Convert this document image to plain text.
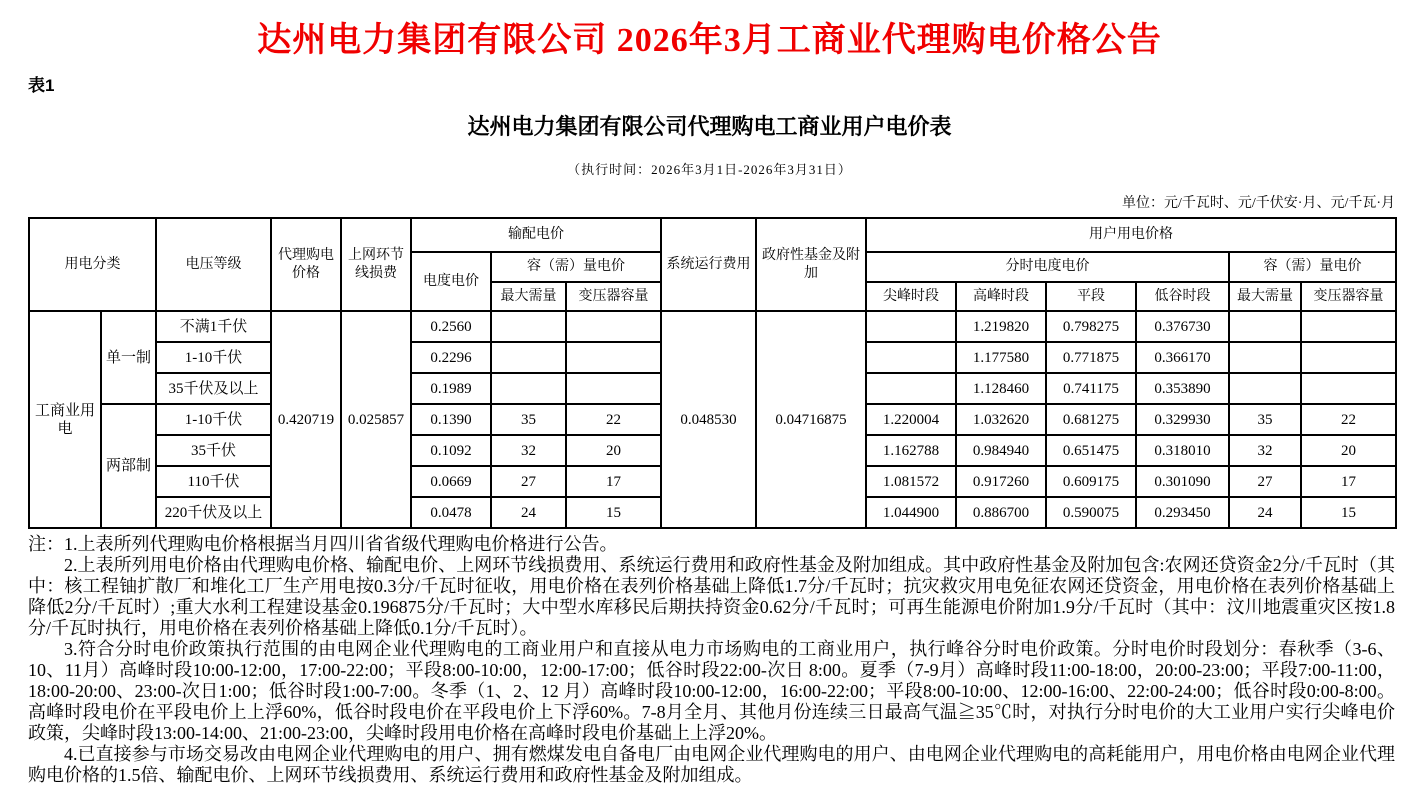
达州电力集团有限公司 2026年3月工商业代理购电价格公告
表1
达州电力集团有限公司代理购电工商业用户电价表
（执行时间：2026年3月1日-2026年3月31日）
单位：元/千瓦时、元/千伏安·月、元/千瓦·月
用电分类		电压等级	代理购电价格	上网环节线损费	输配电价			系统运行费用	政府性基金及附加	用户用电价格					
					电度电价	容（需）量电价				分时电度电价				容（需）量电价	
						最大需量	变压器容量			尖峰时段	高峰时段	平段	低谷时段	最大需量	变压器容量
工商业用电	单一制	不满1千伏	0.420719	0.025857	0.2560			0.048530	0.04716875		1.219820	0.798275	0.376730		
		1-10千伏			0.2296						1.177580	0.771875	0.366170		
		35千伏及以上			0.1989						1.128460	0.741175	0.353890		
	两部制	1-10千伏			0.1390	35	22			1.220004	1.032620	0.681275	0.329930	35	22
		35千伏			0.1092	32	20			1.162788	0.984940	0.651475	0.318010	32	20
		110千伏			0.0669	27	17			1.081572	0.917260	0.609175	0.301090	27	17
		220千伏及以上			0.0478	24	15			1.044900	0.886700	0.590075	0.293450	24	15

注：1.上表所列代理购电价格根据当月四川省省级代理购电价格进行公告。

2.上表所列用电价格由代理购电价格、输配电价、上网环节线损费用、系统运行费用和政府性基金及附加组成。其中政府性基金及附加包含:农网还贷资金2分/千瓦时（其中：核工程铀扩散厂和堆化工厂生产用电按0.3分/千瓦时征收，用电价格在表列价格基础上降低1.7分/千瓦时；抗灾救灾用电免征农网还贷资金，用电价格在表列价格基础上降低2分/千瓦时）;重大水利工程建设基金0.196875分/千瓦时；大中型水库移民后期扶持资金0.62分/千瓦时；可再生能源电价附加1.9分/千瓦时（其中：汶川地震重灾区按1.8分/千瓦时执行，用电价格在表列价格基础上降低0.1分/千瓦时）。

3.符合分时电价政策执行范围的由电网企业代理购电的工商业用户和直接从电力市场购电的工商业用户，执行峰谷分时电价政策。分时电价时段划分：春秋季（3-6、10、11月）高峰时段10:00-12:00，17:00-22:00；平段8:00-10:00，12:00-17:00；低谷时段22:00-次日 8:00。夏季（7-9月）高峰时段11:00-18:00，20:00-23:00；平段7:00-11:00，18:00-20:00、23:00-次日1:00；低谷时段1:00-7:00。冬季（1、2、12 月）高峰时段10:00-12:00，16:00-22:00；平段8:00-10:00、12:00-16:00、22:00-24:00；低谷时段0:00-8:00。高峰时段电价在平段电价上上浮60%，低谷时段电价在平段电价上下浮60%。7-8月全月、其他月份连续三日最高气温≧35℃时，对执行分时电价的大工业用户实行尖峰电价政策，尖峰时段13:00-14:00、21:00-23:00，尖峰时段用电价格在高峰时段电价基础上上浮20%。

4.已直接参与市场交易改由电网企业代理购电的用户、拥有燃煤发电自备电厂由电网企业代理购电的用户、由电网企业代理购电的高耗能用户，用电价格由电网企业代理购电价格的1.5倍、输配电价、上网环节线损费用、系统运行费用和政府性基金及附加组成。
